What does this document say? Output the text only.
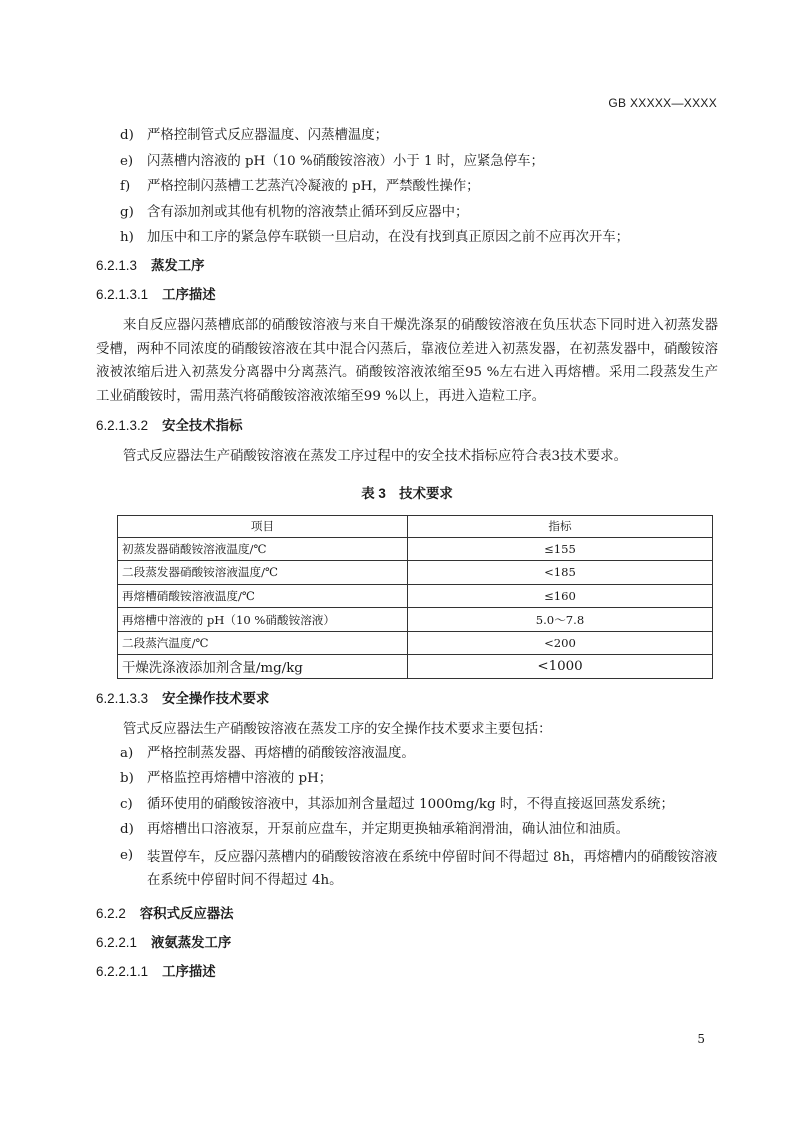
GB XXXXX—XXXX
d) 严格控制管式反应器温度、闪蒸槽温度；
e)	闪蒸槽内溶液的 pH（10 %硝酸铵溶液）小于 1 时，应紧急停车；
f)	严格控制闪蒸槽工艺蒸汽冷凝液的 pH，严禁酸性操作；
g) 含有添加剂或其他有机物的溶液禁止循环到反应器中；
h) 加压中和工序的紧急停车联锁一旦启动，在没有找到真正原因之前不应再次开车；
6.2.1.3 蒸发工序
6.2.1.3.1 工序描述

来自反应器闪蒸槽底部的硝酸铵溶液与来自干燥洗涤泵的硝酸铵溶液在负压状态下同时进入初蒸发器受槽，两种不同浓度的硝酸铵溶液在其中混合闪蒸后，靠液位差进入初蒸发器，在初蒸发器中，硝酸铵溶液被浓缩后进入初蒸发分离器中分离蒸汽。硝酸铵溶液浓缩至95 %左右进入再熔槽。采用二段蒸发生产工业硝酸铵时，需用蒸汽将硝酸铵溶液浓缩至99 %以上，再进入造粒工序。

6.2.1.3.2 安全技术指标

管式反应器法生产硝酸铵溶液在蒸发工序过程中的安全技术指标应符合表3技术要求。

表 3　技术要求
项目	指标
初蒸发器硝酸铵溶液温度/℃	≤155
二段蒸发器硝酸铵溶液温度/℃	<185
再熔槽硝酸铵溶液温度/℃	≤160
再熔槽中溶液的 pH（10 %硝酸铵溶液）	5.0～7.8
二段蒸汽温度/℃	<200
干燥洗涤液添加剂含量/mg/kg	<1000
6.2.1.3.3 安全操作技术要求

管式反应器法生产硝酸铵溶液在蒸发工序的安全操作技术要求主要包括：

a)	严格控制蒸发器、再熔槽的硝酸铵溶液温度。
b) 严格监控再熔槽中溶液的 pH；
c)	循环使用的硝酸铵溶液中，其添加剂含量超过 1000mg/kg 时，不得直接返回蒸发系统；
d) 再熔槽出口溶液泵，开泵前应盘车，并定期更换轴承箱润滑油，确认油位和油质。
e)	装置停车，反应器闪蒸槽内的硝酸铵溶液在系统中停留时间不得超过 8h，再熔槽内的硝酸铵溶液在系统中停留时间不得超过 4h。
6.2.2 容积式反应器法
6.2.2.1 液氨蒸发工序
6.2.2.1.1 工序描述
5
